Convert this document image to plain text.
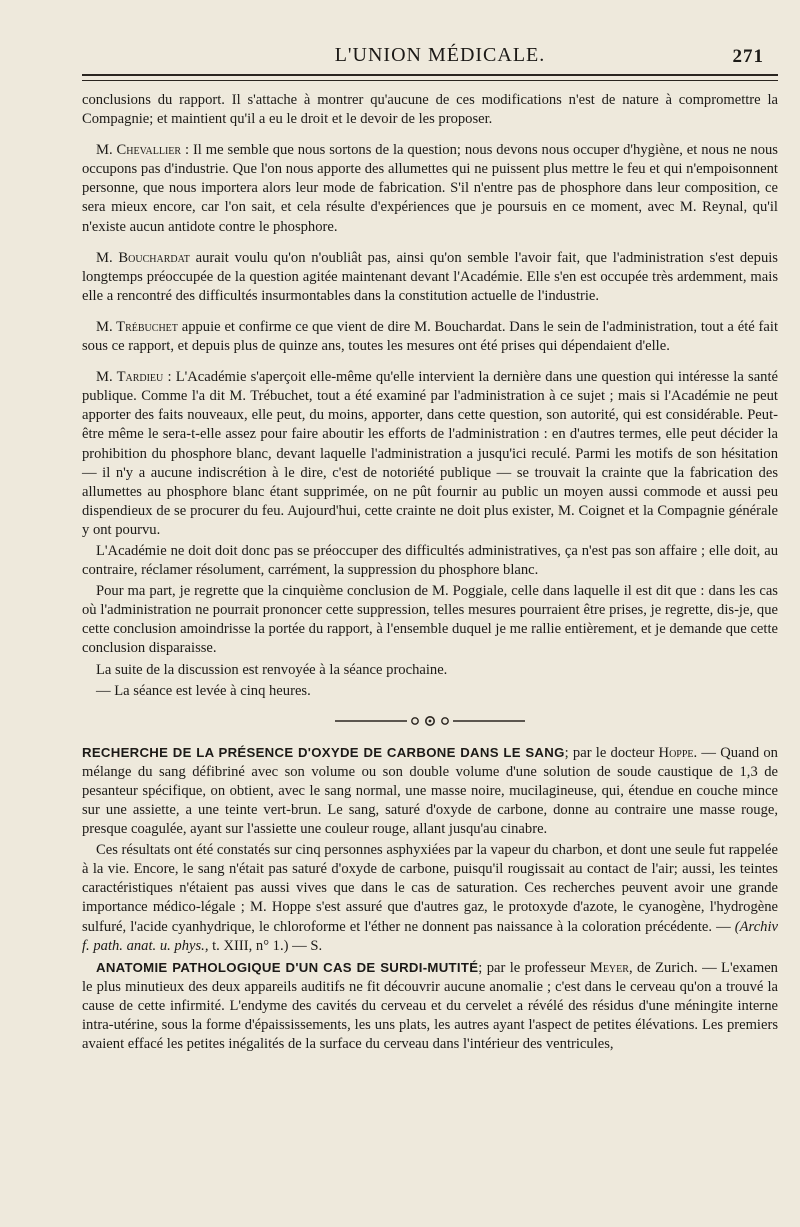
L'UNION MÉDICALE.	271

conclusions du rapport. Il s'attache à montrer qu'aucune de ces modifications n'est de nature à compromettre la Compagnie; et maintient qu'il a eu le droit et le devoir de les proposer.

M. Chevallier : Il me semble que nous sortons de la question; nous devons nous occuper d'hygiène, et nous ne nous occupons pas d'industrie. Que l'on nous apporte des allumettes qui ne puissent plus mettre le feu et qui n'empoisonnent personne, que nous importera alors leur mode de fabrication. S'il n'entre pas de phosphore dans leur composition, ce sera mieux encore, car l'on sait, et cela résulte d'expériences que je poursuis en ce moment, avec M. Reynal, qu'il n'existe aucun antidote contre le phosphore.

M. Bouchardat aurait voulu qu'on n'oubliât pas, ainsi qu'on semble l'avoir fait, que l'administration s'est depuis longtemps préoccupée de la question agitée maintenant devant l'Académie. Elle s'en est occupée très ardemment, mais elle a rencontré des difficultés insurmontables dans la constitution actuelle de l'industrie.

M. Trébuchet appuie et confirme ce que vient de dire M. Bouchardat. Dans le sein de l'administration, tout a été fait sous ce rapport, et depuis plus de quinze ans, toutes les mesures ont été prises qui dépendaient d'elle.

M. Tardieu : L'Académie s'aperçoit elle-même qu'elle intervient la dernière dans une question qui intéresse la santé publique. Comme l'a dit M. Trébuchet, tout a été examiné par l'administration à ce sujet ; mais si l'Académie ne peut apporter des faits nouveaux, elle peut, du moins, apporter, dans cette question, son autorité, qui est considérable. Peut-être même le sera-t-elle assez pour faire aboutir les efforts de l'administration : en d'autres termes, elle peut décider la prohibition du phosphore blanc, devant laquelle l'administration a jusqu'ici reculé. Parmi les motifs de son hésitation — il n'y a aucune indiscrétion à le dire, c'est de notoriété publique — se trouvait la crainte que la fabrication des allumettes au phosphore blanc étant supprimée, on ne pût fournir au public un moyen aussi commode et aussi peu dispendieux de se procurer du feu. Aujourd'hui, cette crainte ne doit plus exister, M. Coignet et la Compagnie générale y ont pourvu.

L'Académie ne doit doit donc pas se préoccuper des difficultés administratives, ça n'est pas son affaire ; elle doit, au contraire, réclamer résolument, carrément, la suppression du phosphore blanc.

Pour ma part, je regrette que la cinquième conclusion de M. Poggiale, celle dans laquelle il est dit que : dans les cas où l'administration ne pourrait prononcer cette suppression, telles mesures pourraient être prises, je regrette, dis-je, que cette conclusion amoindrisse la portée du rapport, à l'ensemble duquel je me rallie entièrement, et je demande que cette conclusion disparaisse.

La suite de la discussion est renvoyée à la séance prochaine.

— La séance est levée à cinq heures.

RECHERCHE DE LA PRÉSENCE D'OXYDE DE CARBONE DANS LE SANG; par le docteur Hoppe. — Quand on mélange du sang défibriné avec son volume ou son double volume d'une solution de soude caustique de 1,3 de pesanteur spécifique, on obtient, avec le sang normal, une masse noire, mucilagineuse, qui, étendue en couche mince sur une assiette, a une teinte vert-brun. Le sang, saturé d'oxyde de carbone, donne au contraire une masse rouge, presque coagulée, ayant sur l'assiette une couleur rouge, allant jusqu'au cinabre.

Ces résultats ont été constatés sur cinq personnes asphyxiées par la vapeur du charbon, et dont une seule fut rappelée à la vie. Encore, le sang n'était pas saturé d'oxyde de carbone, puisqu'il rougissait au contact de l'air; aussi, les teintes caractéristiques n'étaient pas aussi vives que dans le cas de saturation. Ces recherches peuvent avoir une grande importance médico-légale ; M. Hoppe s'est assuré que d'autres gaz, le protoxyde d'azote, le cyanogène, l'hydrogène sulfuré, l'acide cyanhydrique, le chloroforme et l'éther ne donnent pas naissance à la coloration précédente. — (Archiv f. path. anat. u. phys., t. XIII, n° 1.) — S.

ANATOMIE PATHOLOGIQUE D'UN CAS DE SURDI-MUTITÉ; par le professeur Meyer, de Zurich. — L'examen le plus minutieux des deux appareils auditifs ne fit découvrir aucune anomalie ; c'est dans le cerveau qu'on a trouvé la cause de cette infirmité. L'endyme des cavités du cerveau et du cervelet a révélé des résidus d'une méningite interne intra-utérine, sous la forme d'épaississements, les uns plats, les autres ayant l'aspect de petites élévations. Les premiers avaient effacé les petites inégalités de la surface du cerveau dans l'intérieur des ventricules,
